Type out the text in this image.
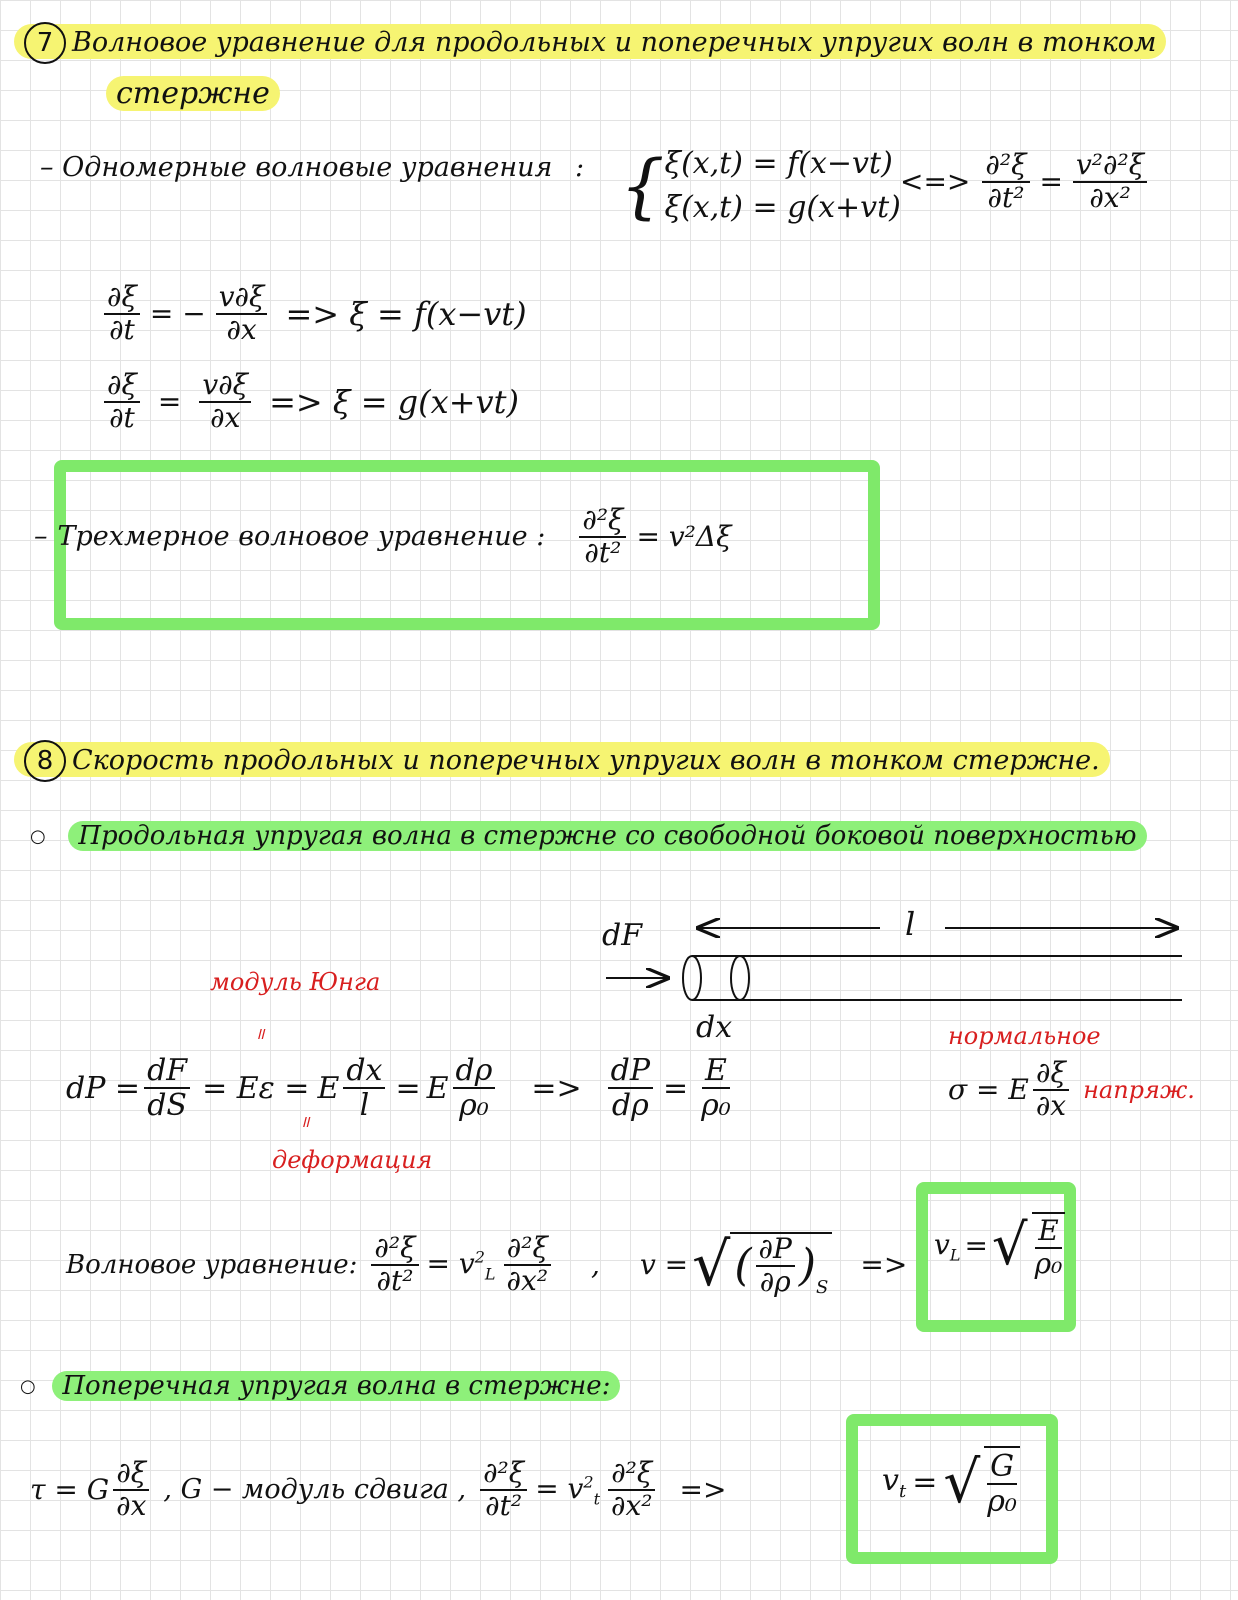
7 Волновое уравнение для продольных и поперечных упругих волн в тонком
стержне
– Одномерные волновые уравнения : { ξ(x,t) = f(x−vt)
ξ(x,t) = g(x+vt)
<=> $\frac{\text{∂²ξ}}{\text{∂t²}} = \frac{\text{v²∂²ξ}}{\text{∂x²}}$
$\frac{\partial\xi}{\partial t}$ = − $\frac{v\partial\xi}{\partial x} => \xi = f(x-vt)$
$\frac{\partial\xi}{\partial t} = \frac{v\partial\xi}{\partial x} => \xi = g(x+vt)$
– Трехмерное волновое уравнение : $\frac{\text{∂²ξ}}{\text{∂t²}} = v^2\Delta\xi$
8 Скорость продольных и поперечных упругих волн в тонком стержне.
○ Продольная упругая волна в стержне со свободной боковой поверхностью
dF	l
dx
модуль Юнга
॥	нормальное
σ = E $\frac{\partial\xi}{\partial x}$ напряж.
dP = $\frac{dF}{dS} = E\varepsilon = E \frac{dx}{l} = E \frac{d\rho}{\text{ρ₀}} => \frac{dP}{d\rho} = \frac{E}{\text{ρ₀}}$
॥
деформация
Волновое уравнение: $\frac{\text{∂²ξ}}{\text{∂t²}} = v^2_L \frac{\text{∂²ξ}}{\text{∂x²}}$ , v = √ ( $\frac{\partial P}{\partial\rho} )_S$
=>
$v_L$ = √ $\frac{E}{\text{ρ₀}}$
○ Поперечная упругая волна в стержне:
τ = G $\frac{\partial\xi}{\partial x}$ , G − модуль сдвига , $\frac{\text{∂²ξ}}{\text{∂t²}} = v^2_t \frac{\text{∂²ξ}}{\text{∂x²}}$ =>	$v_t$ = √ $\frac{G}{\text{ρ₀}}$
